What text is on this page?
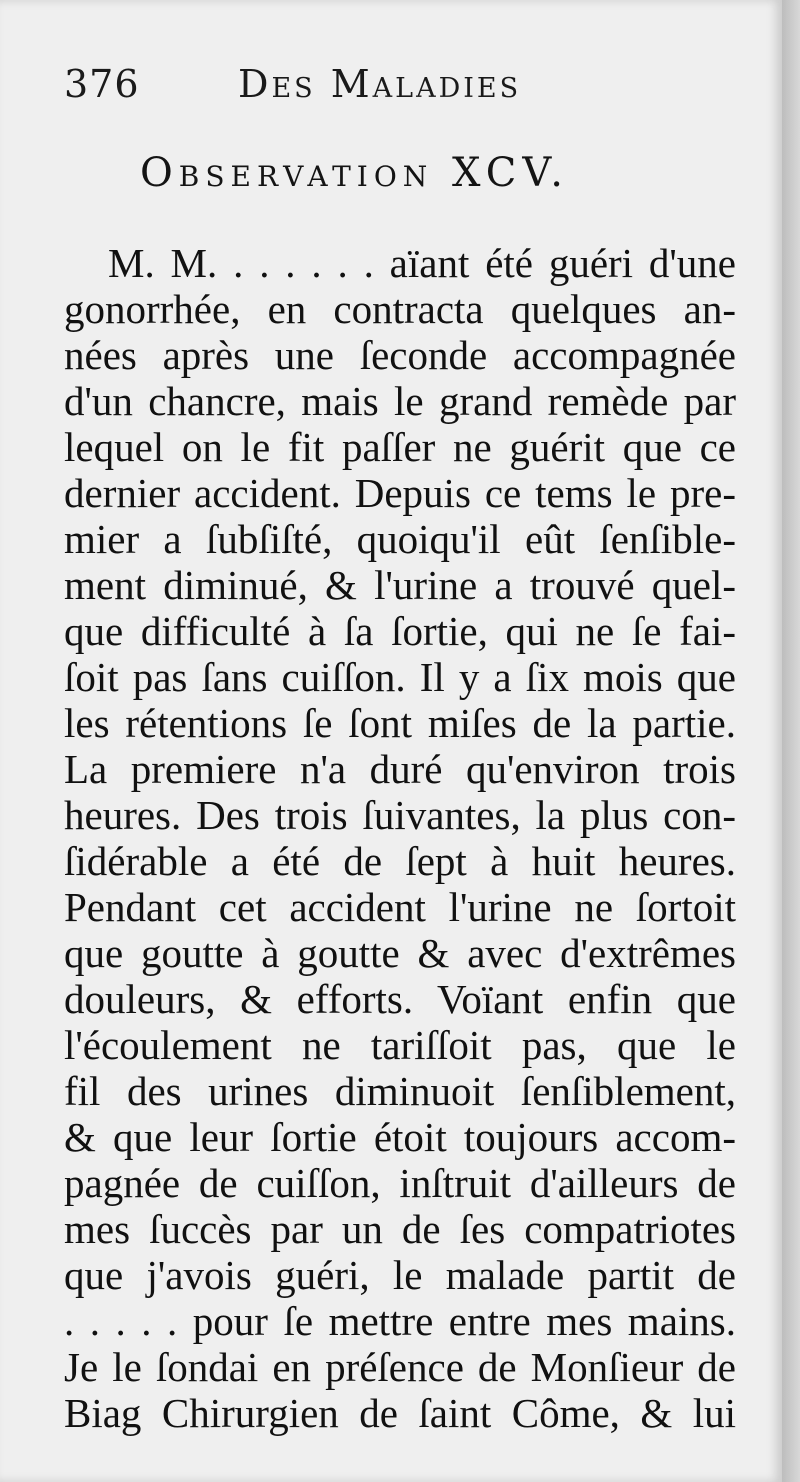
376	Des Maladies
Observation XCV.
M. M. . . . . . . aïant été guéri d'une
gonorrhée, en contracta quelques an-
nées après une ſeconde accompagnée
d'un chancre, mais le grand remède par
lequel on le fit paſſer ne guérit que ce
dernier accident. Depuis ce tems le pre-
mier a ſubſiſté, quoiqu'il eût ſenſible-
ment diminué, & l'urine a trouvé quel-
que difficulté à ſa ſortie, qui ne ſe fai-
ſoit pas ſans cuiſſon. Il y a ſix mois que
les rétentions ſe ſont miſes de la partie.
La premiere n'a duré qu'environ trois
heures. Des trois ſuivantes, la plus con-
ſidérable a été de ſept à huit heures.
Pendant cet accident l'urine ne ſortoit
que goutte à goutte & avec d'extrêmes
douleurs, & efforts. Voïant enfin que
l'écoulement ne tariſſoit pas, que le
fil des urines diminuoit ſenſiblement,
& que leur ſortie étoit toujours accom-
pagnée de cuiſſon, inſtruit d'ailleurs de
mes ſuccès par un de ſes compatriotes
que j'avois guéri, le malade partit de
. . . . . pour ſe mettre entre mes mains.
Je le ſondai en préſence de Monſieur de
Biag Chirurgien de ſaint Côme, & lui
